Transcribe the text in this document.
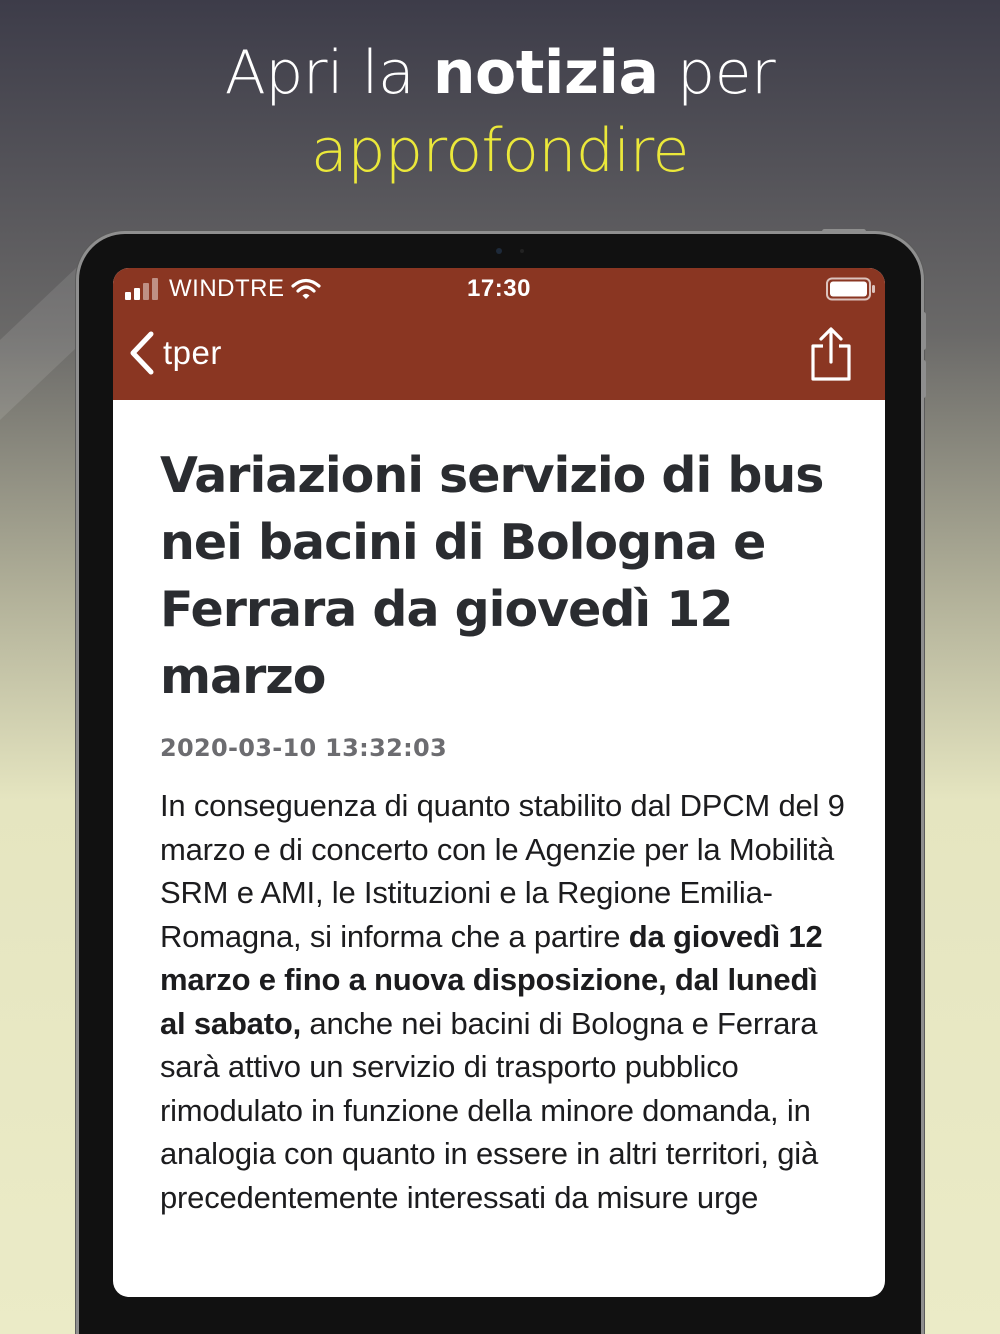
Apri la notizia per
approfondire
WINDTRE	17:30
tper
Variazioni servizio di bus nei bacini di Bologna e Ferrara da giovedì 12 marzo
2020-03-10 13:32:03
In conseguenza di quanto stabilito dal DPCM del 9 marzo e di concerto con le Agenzie per la Mobilità SRM e AMI, le Istituzioni e la Regione Emilia-Romagna, si informa che a partire da giovedì 12 marzo e fino a nuova disposizione, dal lunedì al sabato, anche nei bacini di Bologna e Ferrara sarà attivo un servizio di trasporto pubblico rimodulato in funzione della minore domanda, in analogia con quanto in essere in altri territori, già precedentemente interessati da misure urge
